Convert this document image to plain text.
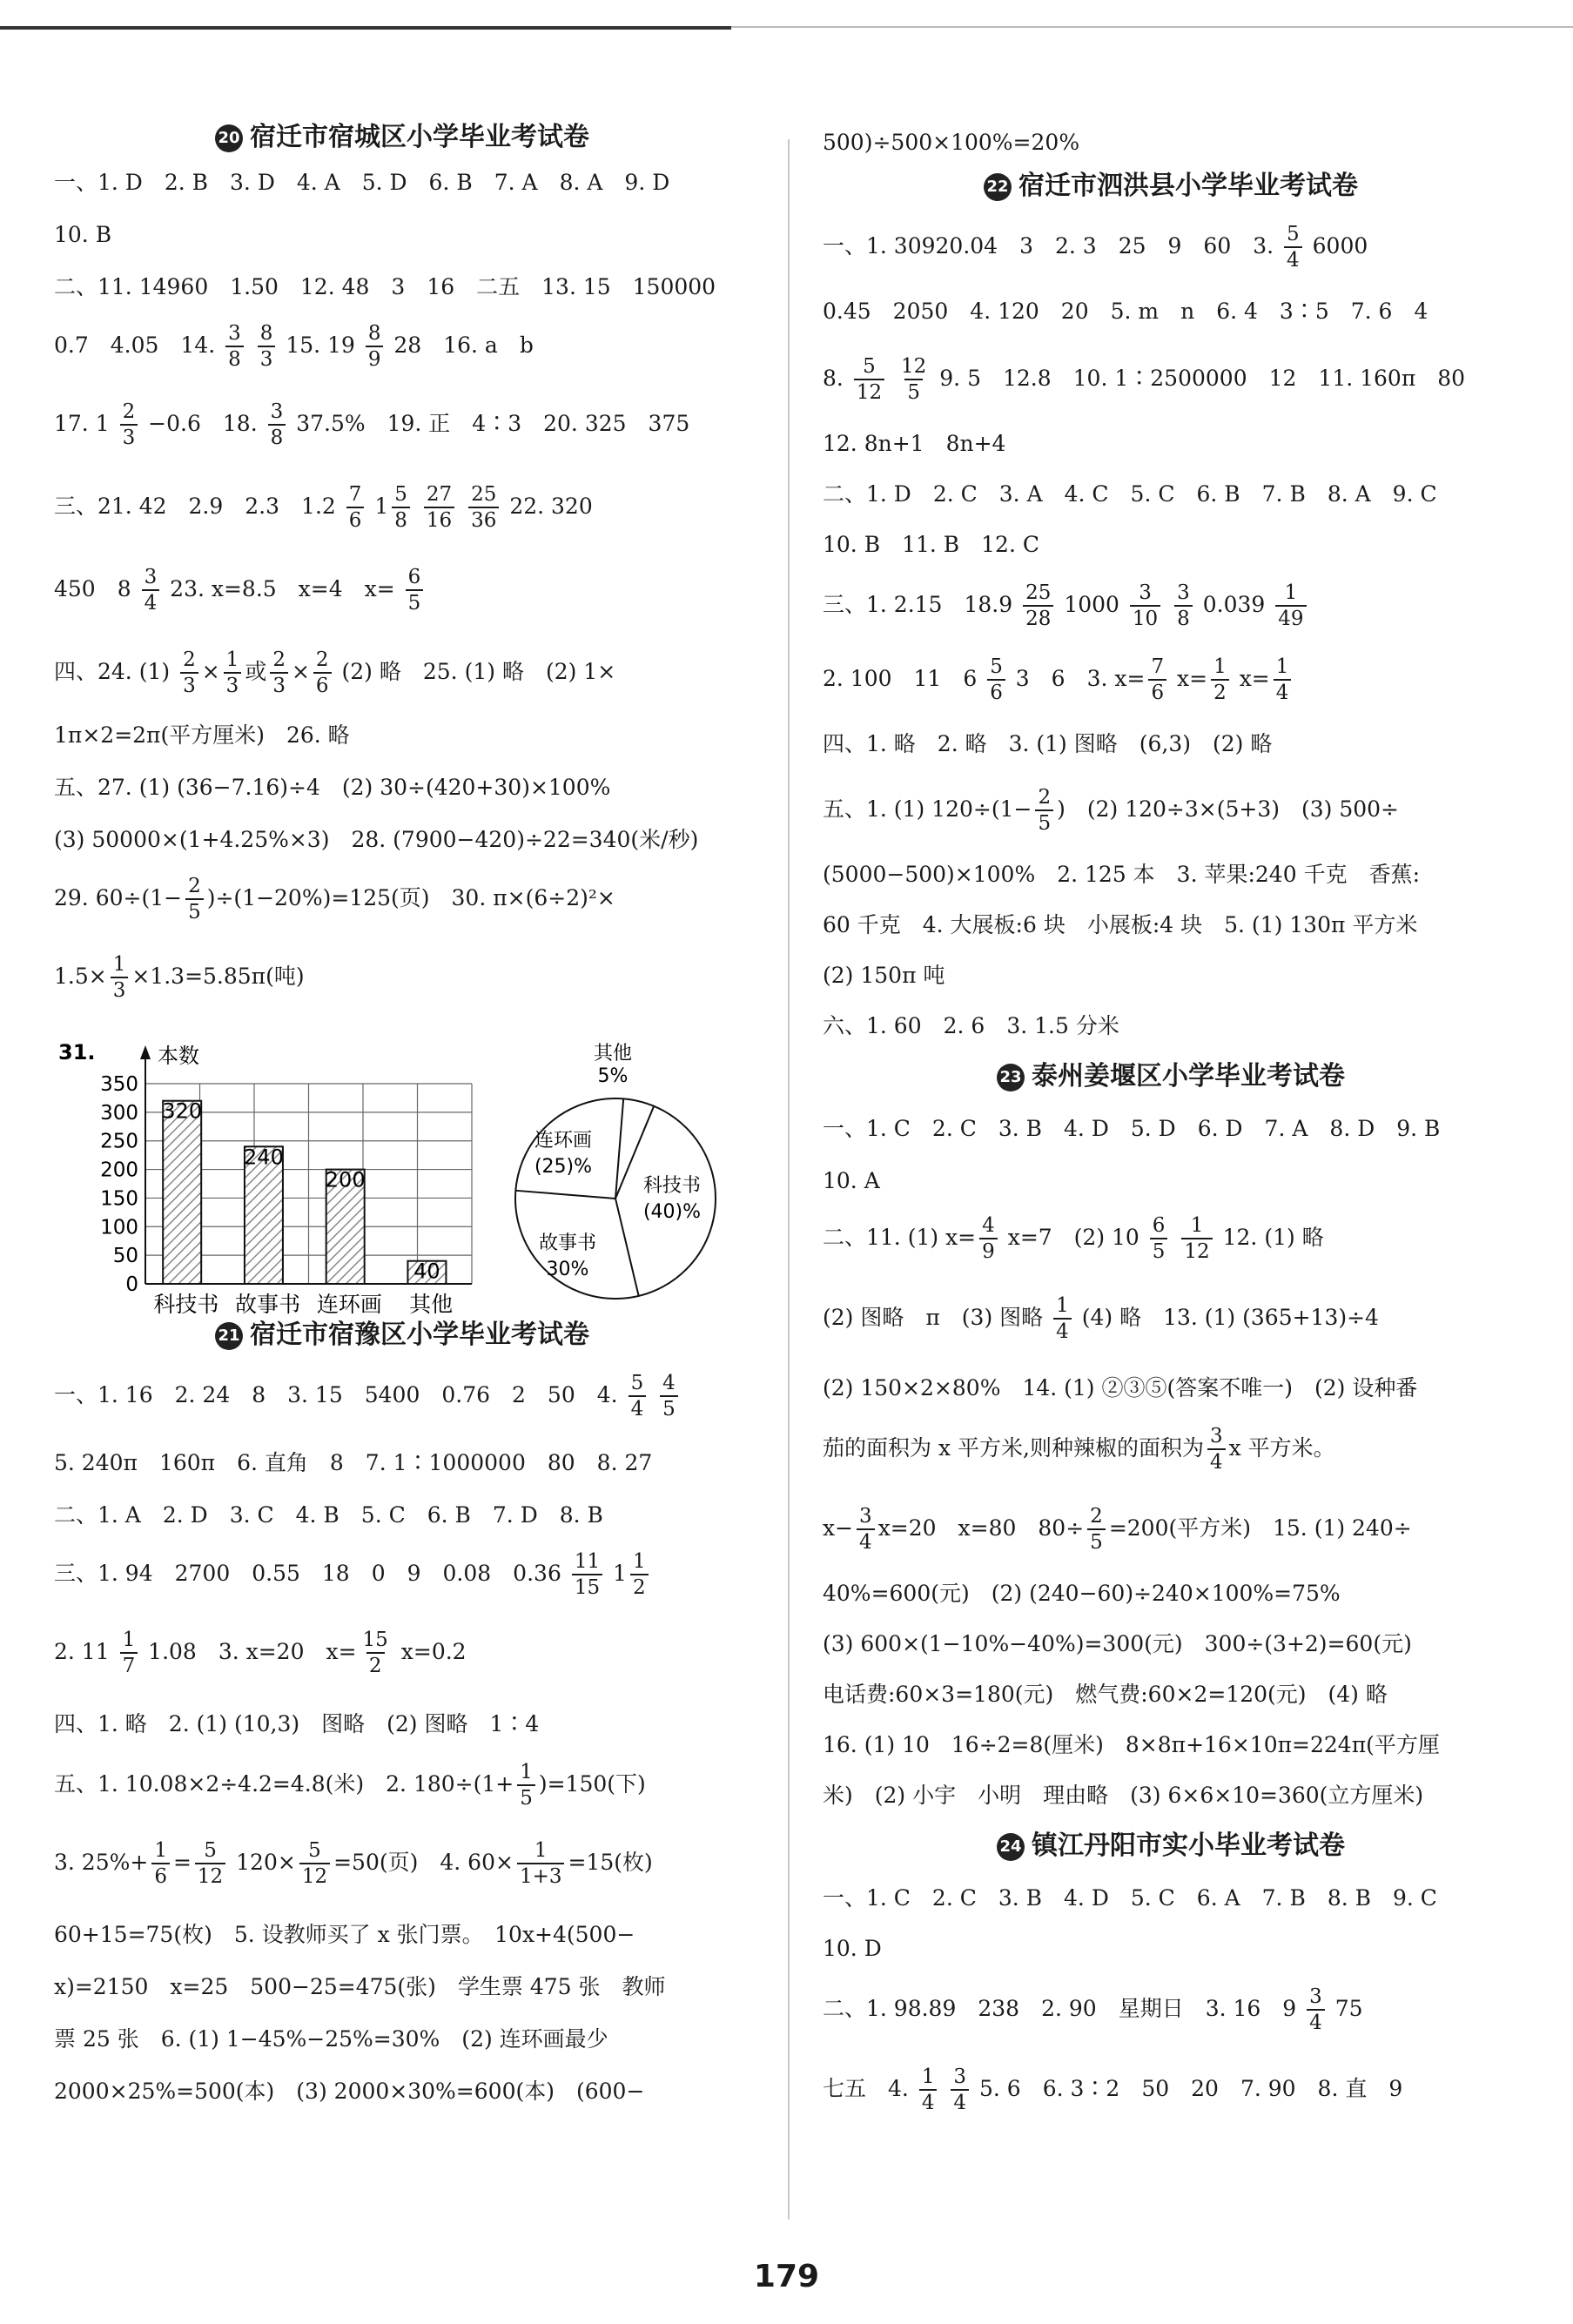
20 宿迁市宿城区小学毕业考试卷
一、1. D　2. B　3. D　4. A　5. D　6. B　7. A　8. A　9. D
10. B
二、11. 14960　1.50　12. 48　3　16　二五　13. 15　150000
0.7　4.05　14. $\frac{3}{8}$
$\frac{8}{3} 15$. $19 \frac{8}{9} 28$　16. a　b
17. $1 \frac{2}{3} -0.6$　18. $\frac{3}{8} 37.5\%$　19. 正　4∶3　20. 325　375
三、21. 42　2.9　2.3　$1.2 \frac{7}{6} 1 \frac{5}{8}$
$\frac{27}{16}$
$\frac{25}{36} 22$. 320
450　$8 \frac{3}{4} 23$. x=8.5　x=4　$x= \frac{6}{5}$
四、24. $(1) \frac{2}{3} \times \frac{1}{3}$ 或 $\frac{2}{3} \times \frac{2}{6} (2)$ 略　25. (1) 略　(2) 1×
1π×2=2π(平方厘米)　26. 略
五、27. (1) (36−7.16)÷4　(2) 30÷(420+30)×100%
(3) 50000×(1+4.25%×3)　28. (7900−420)÷22=340(米/秒)
29. $60\div(1- \frac{2}{5} )\div(1-20\%)=125$(页)　30. π×(6÷2)²×
$1.5\times \frac{1}{3} \times 1.3=5.85\pi$(吨)
31.	本数
0
50
100
150
200
250
300
350
320
科技书
240
故事书
200
连环画
40
其他
其他
5%
科技书
(40)%
故事书
30%
连环画
(25)%
21 宿迁市宿豫区小学毕业考试卷
一、1. 16　2. 24　8　3. 15　5400　0.76　2　50　4. $\frac{5}{4}$
$\frac{4}{5}$
5. 240π　160π　6. 直角　8　7. 1∶1000000　80　8. 27
二、1. A　2. D　3. C　4. B　5. C　6. B　7. D　8. B
三、1. 94　2700　0.55　18　0　9　0.08　$0.36 \frac{11}{15} 1 \frac{1}{2}$
2. $11 \frac{1}{7} 1.08$　3. x=20　$x= \frac{15}{2} x=0.2$
四、1. 略　2. (1) (10,3)　图略　(2) 图略　1∶4
五、1. 10.08×2÷4.2=4.8(米)　2. $180\div(1+ \frac{1}{5} )=150$(下)
3. $25\%+ \frac{1}{6} = \frac{5}{12} 120\times \frac{5}{12} =50$(页)　4. $60\times \frac{1}{1+3} =15$(枚)
60+15=75(枚)　5. 设教师买了 x 张门票。　10x+4(500−
x)=2150　x=25　500−25=475(张)　学生票 475 张　教师
票 25 张　6. (1) 1−45%−25%=30%　(2) 连环画最少
2000×25%=500(本)　(3) 2000×30%=600(本)　(600−
500)÷500×100%=20%
22 宿迁市泗洪县小学毕业考试卷
一、1. 30920.04　3　2. 3　25　9　60　3. $\frac{5}{4} 6000$
0.45　2050　4. 120　20　5. m　n　6. 4　3∶5　7. 6　4
8. $\frac{5}{12}$
$\frac{12}{5} 9$. 5　12.8　10. 1∶2500000　12　11. 160π　80
12. 8n+1　8n+4
二、1. D　2. C　3. A　4. C　5. C　6. B　7. B　8. A　9. C
10. B　11. B　12. C
三、1. 2.15　$18.9 \frac{25}{28} 1000 \frac{3}{10}$
$\frac{3}{8} 0.039 \frac{1}{49}$
2. 100　11　$6 \frac{5}{6} 3$　6　3. $x= \frac{7}{6} x= \frac{1}{2} x= \frac{1}{4}$
四、1. 略　2. 略　3. (1) 图略　(6,3)　(2) 略
五、1. (1) $120\div(1- \frac{2}{5}$ )　(2) 120÷3×(5+3)　(3) 500÷
(5000−500)×100%　2. 125 本　3. 苹果:240 千克　香蕉:
60 千克　4. 大展板:6 块　小展板:4 块　5. (1) 130π 平方米
(2) 150π 吨
六、1. 60　2. 6　3. 1.5 分米
23 泰州姜堰区小学毕业考试卷
一、1. C　2. C　3. B　4. D　5. D　6. D　7. A　8. D　9. B
10. A
二、11. (1) $x= \frac{4}{9} x=7$　(2) $10 \frac{6}{5}$
$\frac{1}{12} 12$. (1) 略
(2) 图略　π　(3) 图略 $\frac{1}{4} (4)$ 略　13. (1) (365+13)÷4
(2) 150×2×80%　14. (1) ②③⑤(答案不唯一)　(2) 设种番
茄的面积为 x 平方米,则种辣椒的面积为 $\frac{3}{4}$ x 平方米。
$x- \frac{3}{4} x=20$　x=80　$80\div \frac{2}{5} =200$(平方米)　15. (1) 240÷
40%=600(元)　(2) (240−60)÷240×100%=75%
(3) 600×(1−10%−40%)=300(元)　300÷(3+2)=60(元)
电话费:60×3=180(元)　燃气费:60×2=120(元)　(4) 略
16. (1) 10　16÷2=8(厘米)　8×8π+16×10π=224π(平方厘
米)　(2) 小宇　小明　理由略　(3) 6×6×10=360(立方厘米)
24 镇江丹阳市实小毕业考试卷
一、1. C　2. C　3. B　4. D　5. C　6. A　7. B　8. B　9. C
10. D
二、1. 98.89　238　2. 90　星期日　3. 16　$9 \frac{3}{4} 75$
七五　4. $\frac{1}{4}$
$\frac{3}{4} 5$. 6　6. 3∶2　50　20　7. 90　8. 直　9
179
